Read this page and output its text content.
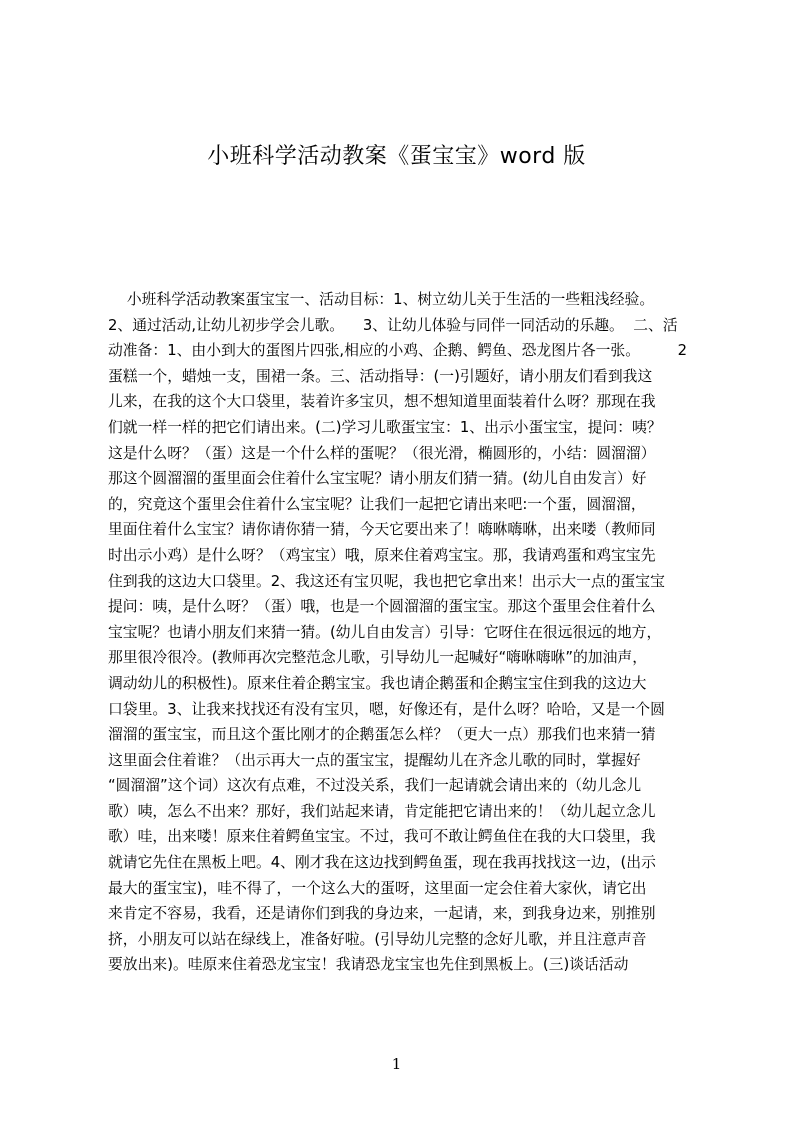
小班科学活动教案《蛋宝宝》word 版
小班科学活动教案蛋宝宝一、活动目标：1、树立幼儿关于生活的一些粗浅经验。
2、通过活动,让幼儿初步学会儿歌。    3、让幼儿体验与同伴一同活动的乐趣。  二、活
动准备：1、由小到大的蛋图片四张,相应的小鸡、企鹅、鳄鱼、恐龙图片各一张。        2
蛋糕一个，蜡烛一支，围裙一条。三、活动指导：(一)引题好，请小朋友们看到我这
儿来，在我的这个大口袋里，装着许多宝贝，想不想知道里面装着什么呀？那现在我
们就一样一样的把它们请出来。(二)学习儿歌蛋宝宝：1、出示小蛋宝宝，提问：咦？
这是什么呀？（蛋）这是一个什么样的蛋呢？（很光滑，椭圆形的，小结：圆溜溜）
那这个圆溜溜的蛋里面会住着什么宝宝呢？请小朋友们猜一猜。(幼儿自由发言）好
的，究竟这个蛋里会住着什么宝宝呢？让我们一起把它请出来吧:一个蛋，圆溜溜，
里面住着什么宝宝？请你请你猜一猜，今天它要出来了！嗨咻嗨咻，出来喽（教师同
时出示小鸡）是什么呀？（鸡宝宝）哦，原来住着鸡宝宝。那，我请鸡蛋和鸡宝宝先
住到我的这边大口袋里。2、我这还有宝贝呢，我也把它拿出来！出示大一点的蛋宝宝
提问：咦，是什么呀？（蛋）哦，也是一个圆溜溜的蛋宝宝。那这个蛋里会住着什么
宝宝呢？也请小朋友们来猜一猜。(幼儿自由发言）引导：它呀住在很远很远的地方，
那里很冷很冷。(教师再次完整范念儿歌，引导幼儿一起喊好“嗨咻嗨咻”的加油声，
调动幼儿的积极性)。原来住着企鹅宝宝。我也请企鹅蛋和企鹅宝宝住到我的这边大
口袋里。3、让我来找找还有没有宝贝，嗯，好像还有，是什么呀？哈哈，又是一个圆
溜溜的蛋宝宝，而且这个蛋比刚才的企鹅蛋怎么样？（更大一点）那我们也来猜一猜
这里面会住着谁？（出示再大一点的蛋宝宝，提醒幼儿在齐念儿歌的同时，掌握好
“圆溜溜”这个词）这次有点难，不过没关系，我们一起请就会请出来的（幼儿念儿
歌）咦，怎么不出来？那好，我们站起来请，肯定能把它请出来的！（幼儿起立念儿
歌）哇，出来喽！原来住着鳄鱼宝宝。不过，我可不敢让鳄鱼住在我的大口袋里，我
就请它先住在黑板上吧。4、刚才我在这边找到鳄鱼蛋，现在我再找找这一边，(出示
最大的蛋宝宝)，哇不得了，一个这么大的蛋呀，这里面一定会住着大家伙，请它出
来肯定不容易，我看，还是请你们到我的身边来，一起请，来，到我身边来，别推别
挤，小朋友可以站在绿线上，准备好啦。(引导幼儿完整的念好儿歌，并且注意声音
要放出来)。哇原来住着恐龙宝宝！我请恐龙宝宝也先住到黑板上。(三)谈话活动
1
